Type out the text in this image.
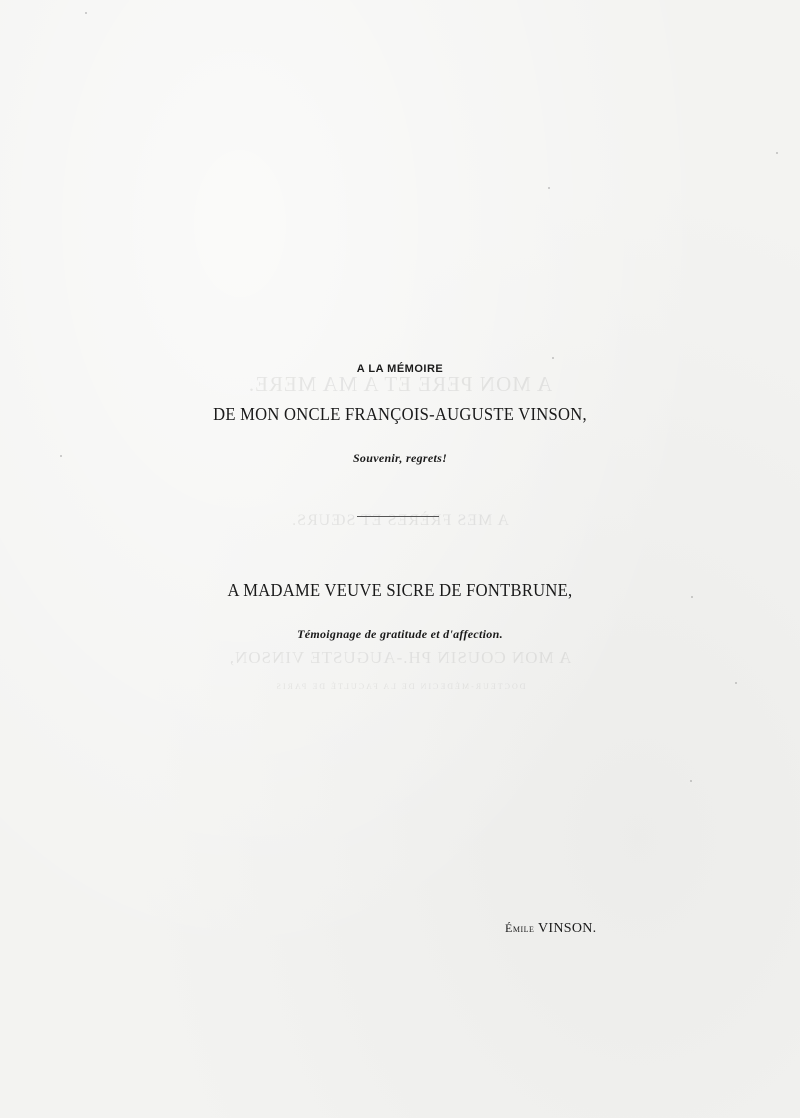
A MON PERE ET A MA MERE.
A MES FRÈRES ET SŒURS.
A MON COUSIN PH.-AUGUSTE VINSON,
DOCTEUR-MÉDECIN DE LA FACULTÉ DE PARIS
A LA MÉMOIRE
DE MON ONCLE FRANÇOIS-AUGUSTE VINSON,
Souvenir, regrets!
A MADAME VEUVE SICRE DE FONTBRUNE,
Témoignage de gratitude et d'affection.
Émile VINSON.
